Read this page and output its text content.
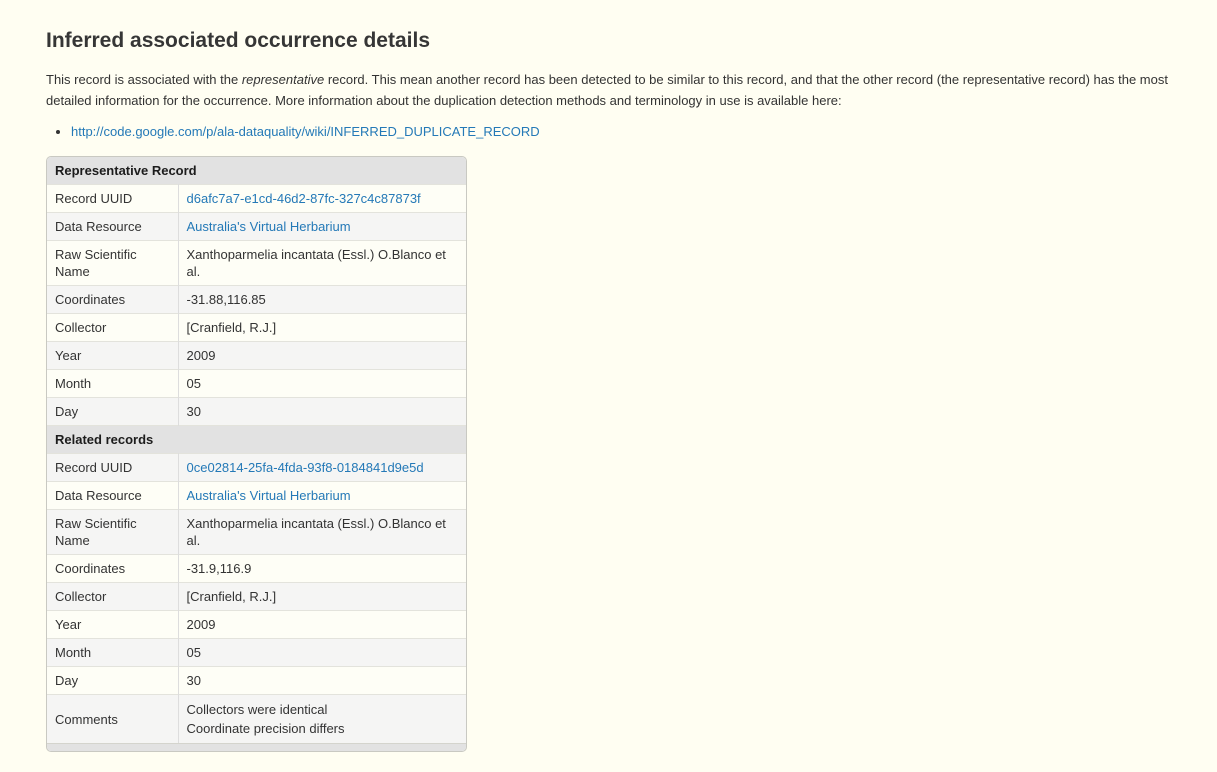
Inferred associated occurrence details

This record is associated with the representative record. This mean another record has been detected to be similar to this record, and that the other record (the representative record) has the most detailed information for the occurrence. More information about the duplication detection methods and terminology in use is available here:

• http://code.google.com/p/ala-dataquality/wiki/INFERRED_DUPLICATE_RECORD
Representative Record	
Record UUID	d6afc7a7-e1cd-46d2-87fc-327c4c87873f
Data Resource	Australia's Virtual Herbarium
Raw Scientific Name	Xanthoparmelia incantata (Essl.) O.Blanco et al.
Coordinates	-31.88,116.85
Collector	[Cranfield, R.J.]
Year	2009
Month	05
Day	30
Related records	
Record UUID	0ce02814-25fa-4fda-93f8-0184841d9e5d
Data Resource	Australia's Virtual Herbarium
Raw Scientific Name	Xanthoparmelia incantata (Essl.) O.Blanco et al.
Coordinates	-31.9,116.9
Collector	[Cranfield, R.J.]
Year	2009
Month	05
Day	30
Comments	Collectors were identical
Coordinate precision differs
